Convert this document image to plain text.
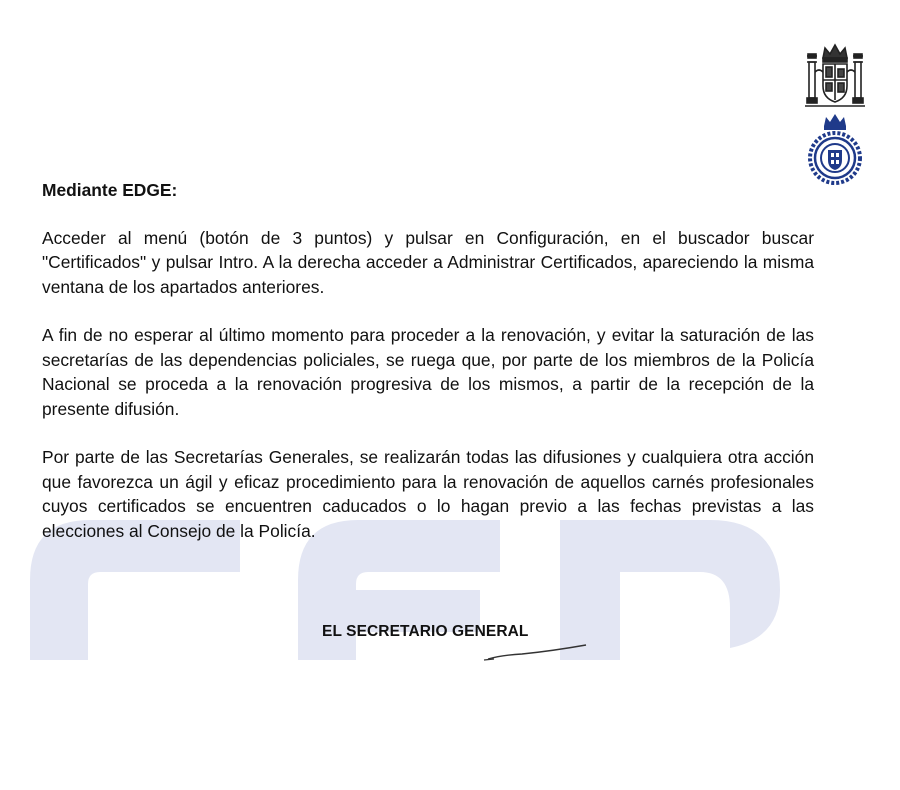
Mediante EDGE:

Acceder al menú (botón de 3 puntos) y pulsar en Configuración, en el buscador buscar "Certificados" y pulsar Intro. A la derecha acceder a Administrar Certificados, apareciendo la misma ventana de los apartados anteriores.

A fin de no esperar al último momento para proceder a la renovación, y evitar la saturación de las secretarías de las dependencias policiales, se ruega que, por parte de los miembros de la Policía Nacional se proceda a la renovación progresiva de los mismos, a partir de la recepción de la presente difusión.

Por parte de las Secretarías Generales, se realizarán todas las difusiones y cualquiera otra acción que favorezca un ágil y eficaz procedimiento para la renovación de aquellos carnés profesionales cuyos certificados se encuentren caducados o lo hagan previo a las fechas previstas a las elecciones al Consejo de la Policía.

EL SECRETARIO GENERAL
